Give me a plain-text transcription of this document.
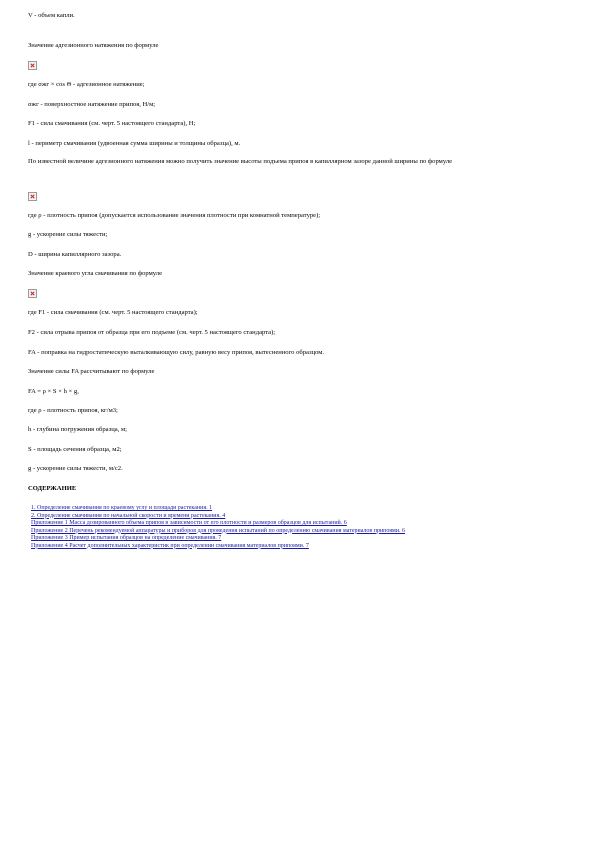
V - объем капли.

Значение адгезионного натяжения по формуле

где σжг × cos Θ - адгезионное натяжение;

σжг - поверхностное натяжение припоя, Н/м;

F1 - сила смачивания (см. черт. 5 настоящего стандарта), Н;

l - периметр смачивания (удвоенная сумма ширины и толщины образца), м.

По известной величине адгезионного натяжения можно получить значение высоты подъема припоя в капиллярном зазоре данной ширины по формуле

где ρ - плотность припоя (допускается использование значения плотности при комнатной температуре);

g - ускорение силы тяжести;

D - ширина капиллярного зазора.

Значение краевого угла смачивания по формуле

где F1 - сила смачивания (см. черт. 5 настоящего стандарта);

F2 - сила отрыва припоя от образца при его подъеме (см. черт. 5 настоящего стандарта);

FA - поправка на гидростатическую выталкивающую силу, равную весу припоя, вытесненного образцом.

Значение силы FA рассчитывают по формуле

FA = ρ × S × h × g,

где ρ - плотность припоя, кг/м3;

h - глубина погружения образца, м;

S - площадь сечения образца, м2;

g - ускорение силы тяжести, м/с2.

СОДЕРЖАНИЕ

1. Определение смачивания по краевому углу и площади растекания. 1
2. Определение смачивания по начальной скорости и времени растекания. 4
Приложение 1 Масса дозированного объема припоя в зависимости от его плотности и размеров образцов для испытаний. 6
Приложение 2 Перечень рекомендуемой аппаратуры и приборов для проведения испытаний по определению смачивания материалов припоями. 6
Приложение 3 Пример испытания образцов на определение смачивания. 7
Приложение 4 Расчет дополнительных характеристик при определении смачивания материалов припоями. 7
